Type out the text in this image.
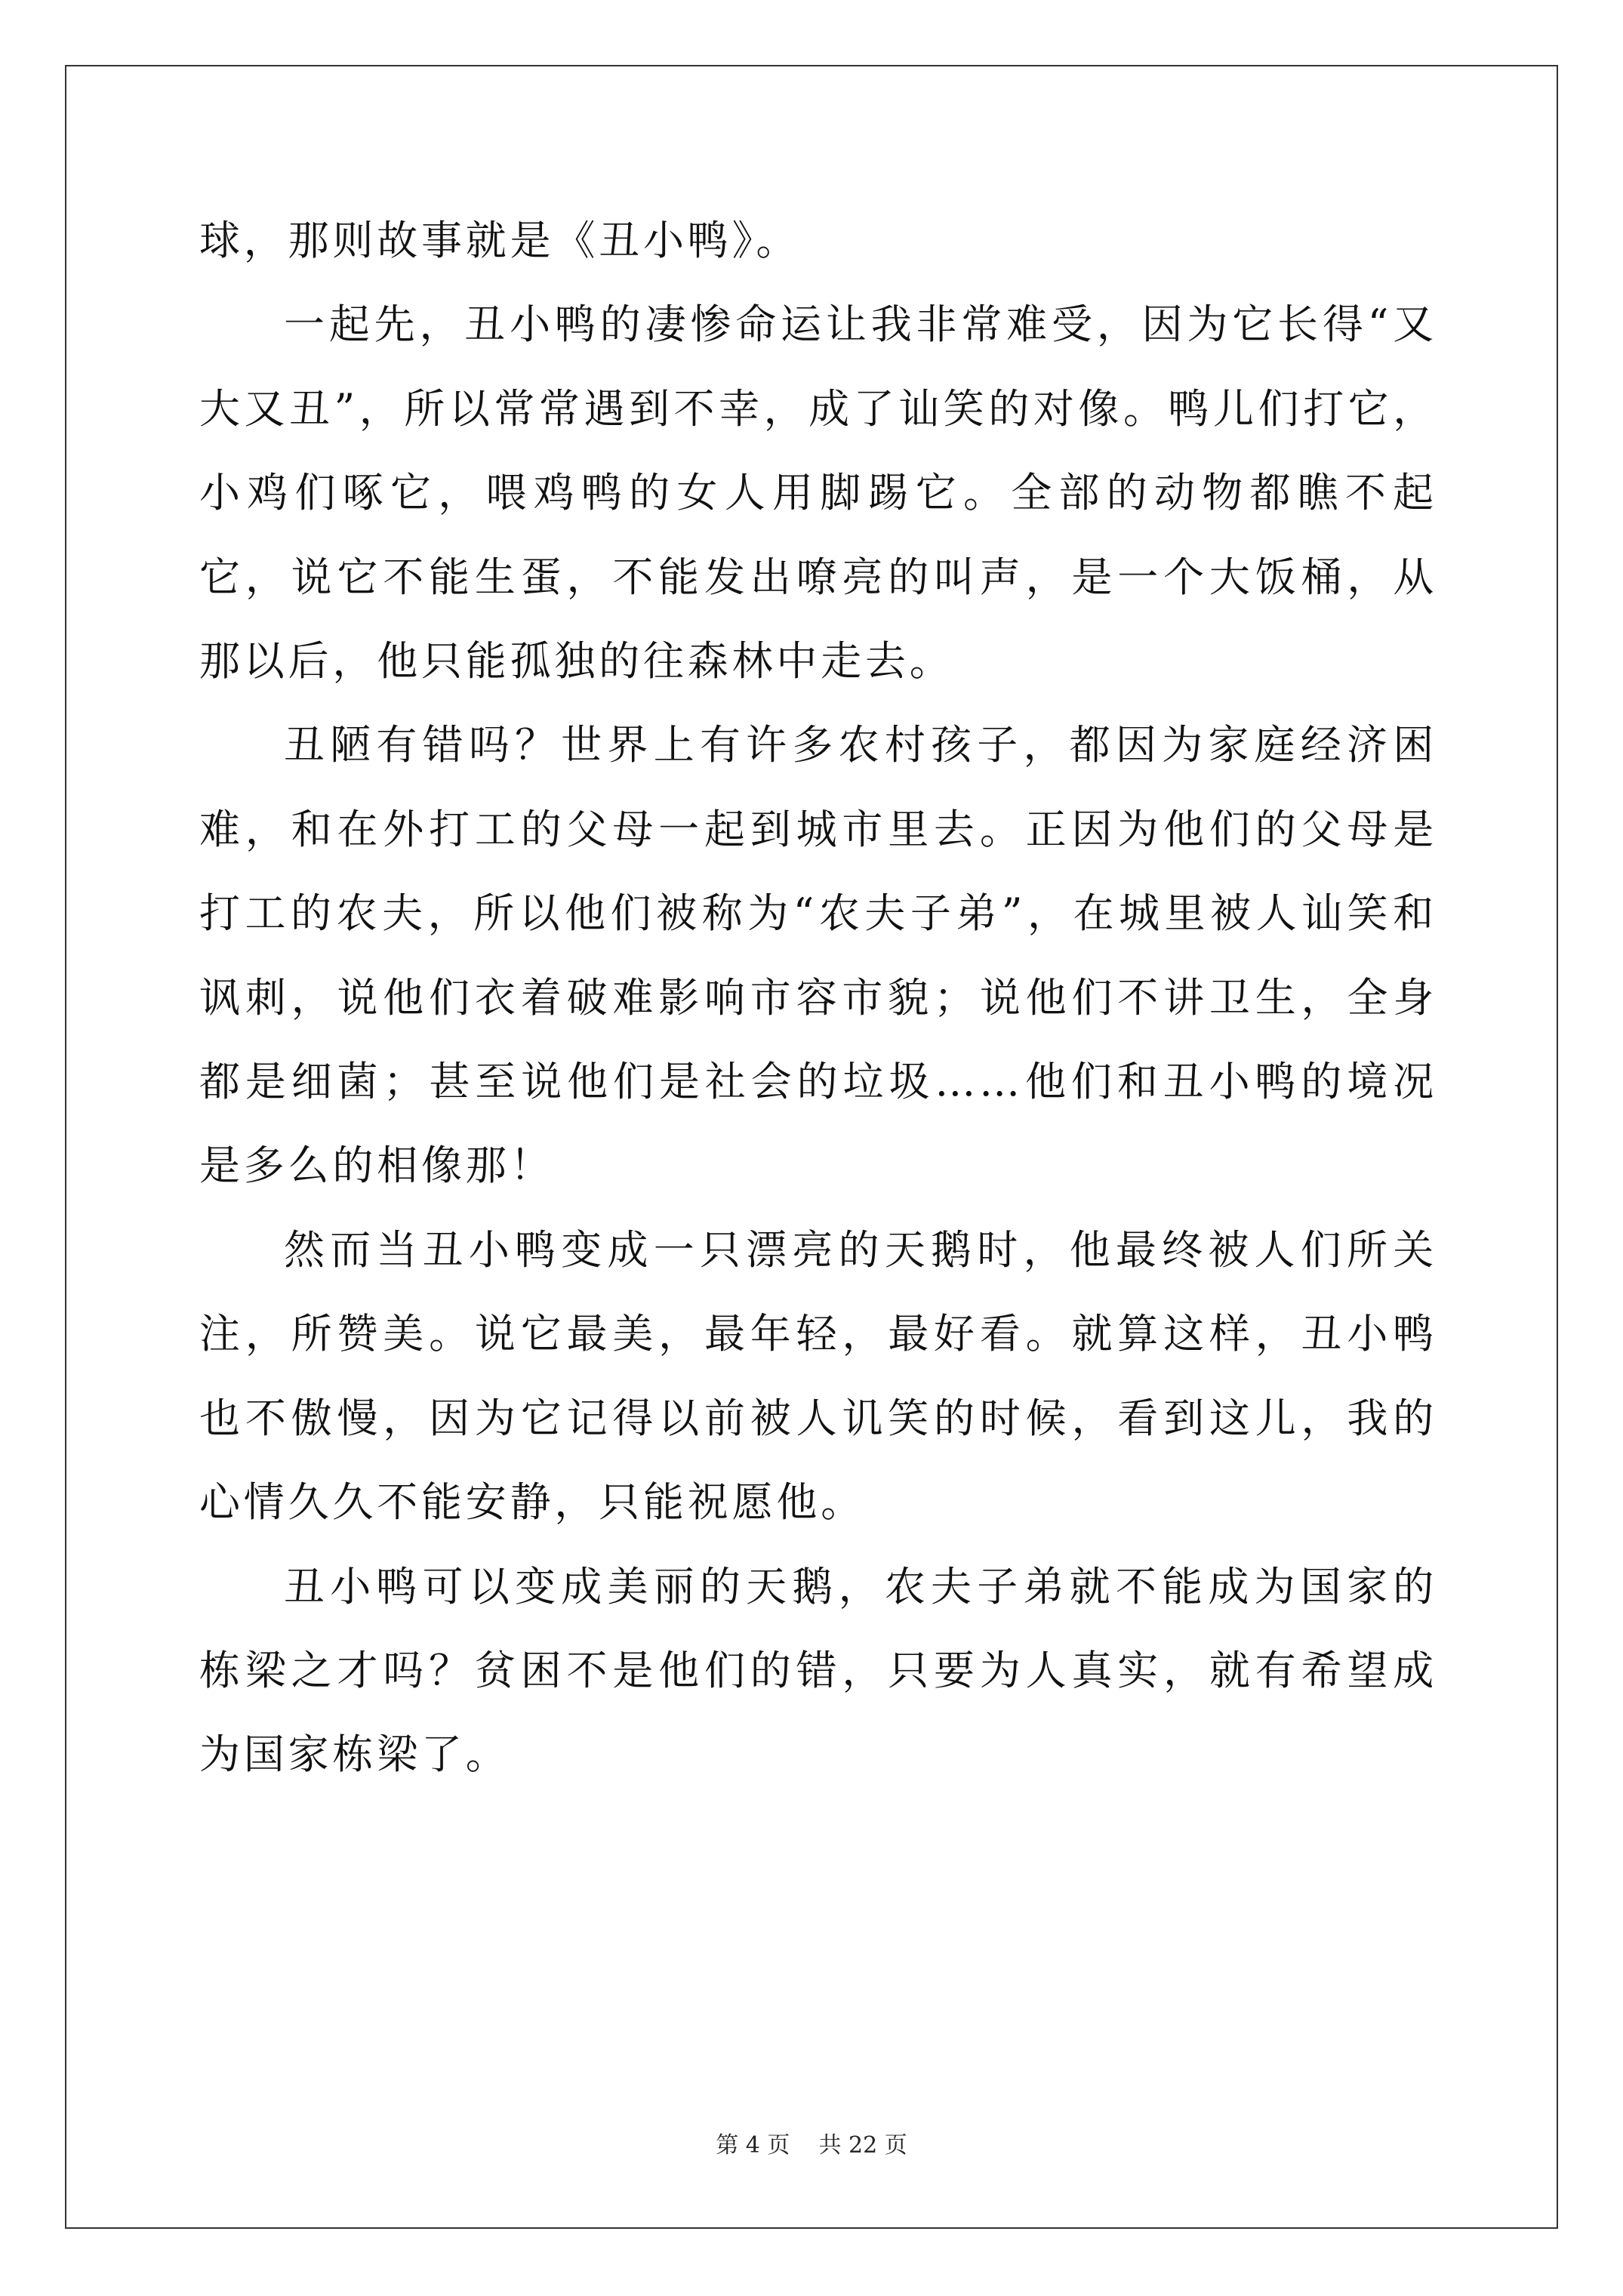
球，那则故事就是《丑小鸭》。

一起先，丑小鸭的凄惨命运让我非常难受，因为它长得“又大又丑”，所以常常遇到不幸，成了讪笑的对像。鸭儿们打它，小鸡们啄它，喂鸡鸭的女人用脚踢它。全部的动物都瞧不起它，说它不能生蛋，不能发出嘹亮的叫声，是一个大饭桶，从那以后，他只能孤独的往森林中走去。

丑陋有错吗？世界上有许多农村孩子，都因为家庭经济困难，和在外打工的父母一起到城市里去。正因为他们的父母是打工的农夫，所以他们被称为“农夫子弟”，在城里被人讪笑和讽刺，说他们衣着破难影响市容市貌；说他们不讲卫生，全身都是细菌；甚至说他们是社会的垃圾……他们和丑小鸭的境况是多么的相像那！

然而当丑小鸭变成一只漂亮的天鹅时，他最终被人们所关注，所赞美。说它最美，最年轻，最好看。就算这样，丑小鸭也不傲慢，因为它记得以前被人讥笑的时候，看到这儿，我的心情久久不能安静，只能祝愿他。

丑小鸭可以变成美丽的天鹅，农夫子弟就不能成为国家的栋梁之才吗？贫困不是他们的错，只要为人真实，就有希望成为国家栋梁了。

第 4 页    共 22 页
